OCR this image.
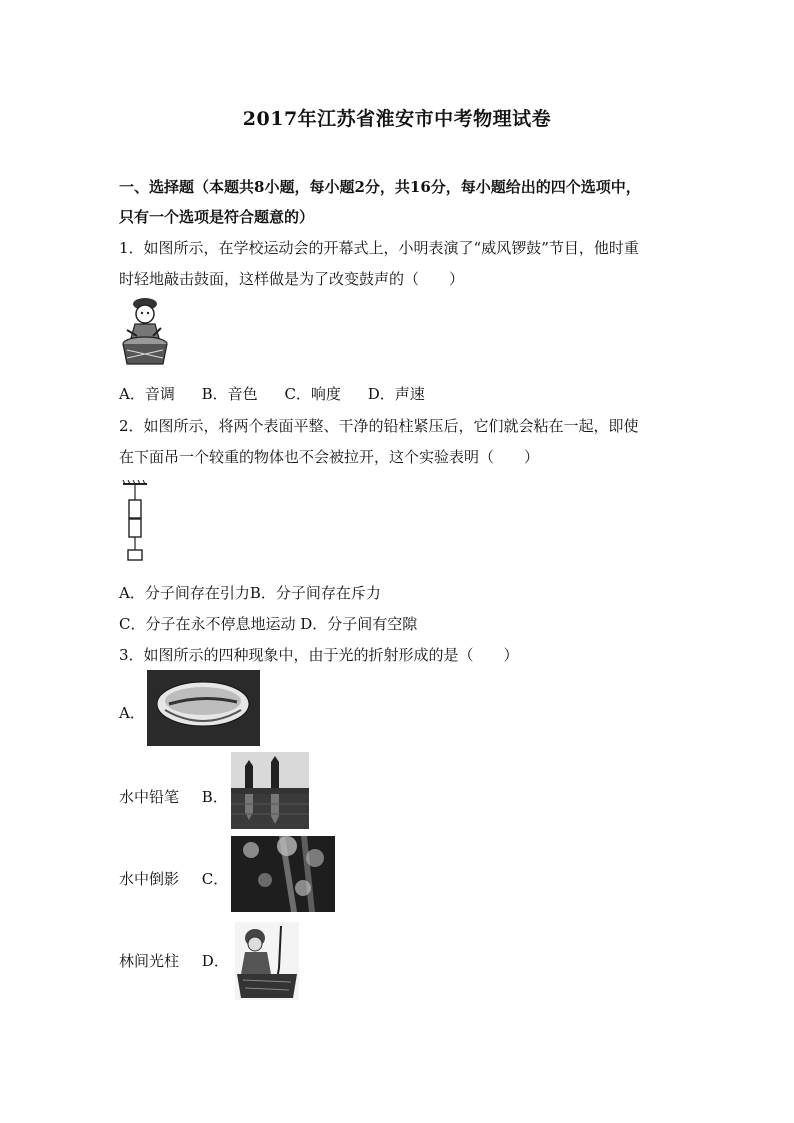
2017年江苏省淮安市中考物理试卷
一、选择题（本题共8小题，每小题2分，共16分，每小题给出的四个选项中，
只有一个选项是符合题意的）
1．如图所示，在学校运动会的开幕式上，小明表演了“威风锣鼓”节目，他时重
时轻地敲击鼓面，这样做是为了改变鼓声的（　　）
A．音调 B．音色 C．响度 D．声速
2．如图所示，将两个表面平整、干净的铅柱紧压后，它们就会粘在一起，即使
在下面吊一个较重的物体也不会被拉开，这个实验表明（　　）
A．分子间存在引力B．分子间存在斥力
C．分子在永不停息地运动 D．分子间有空隙
3．如图所示的四种现象中，由于光的折射形成的是（　　）
A．
水中铅笔 B．
水中倒影 C．
林间光柱 D．
